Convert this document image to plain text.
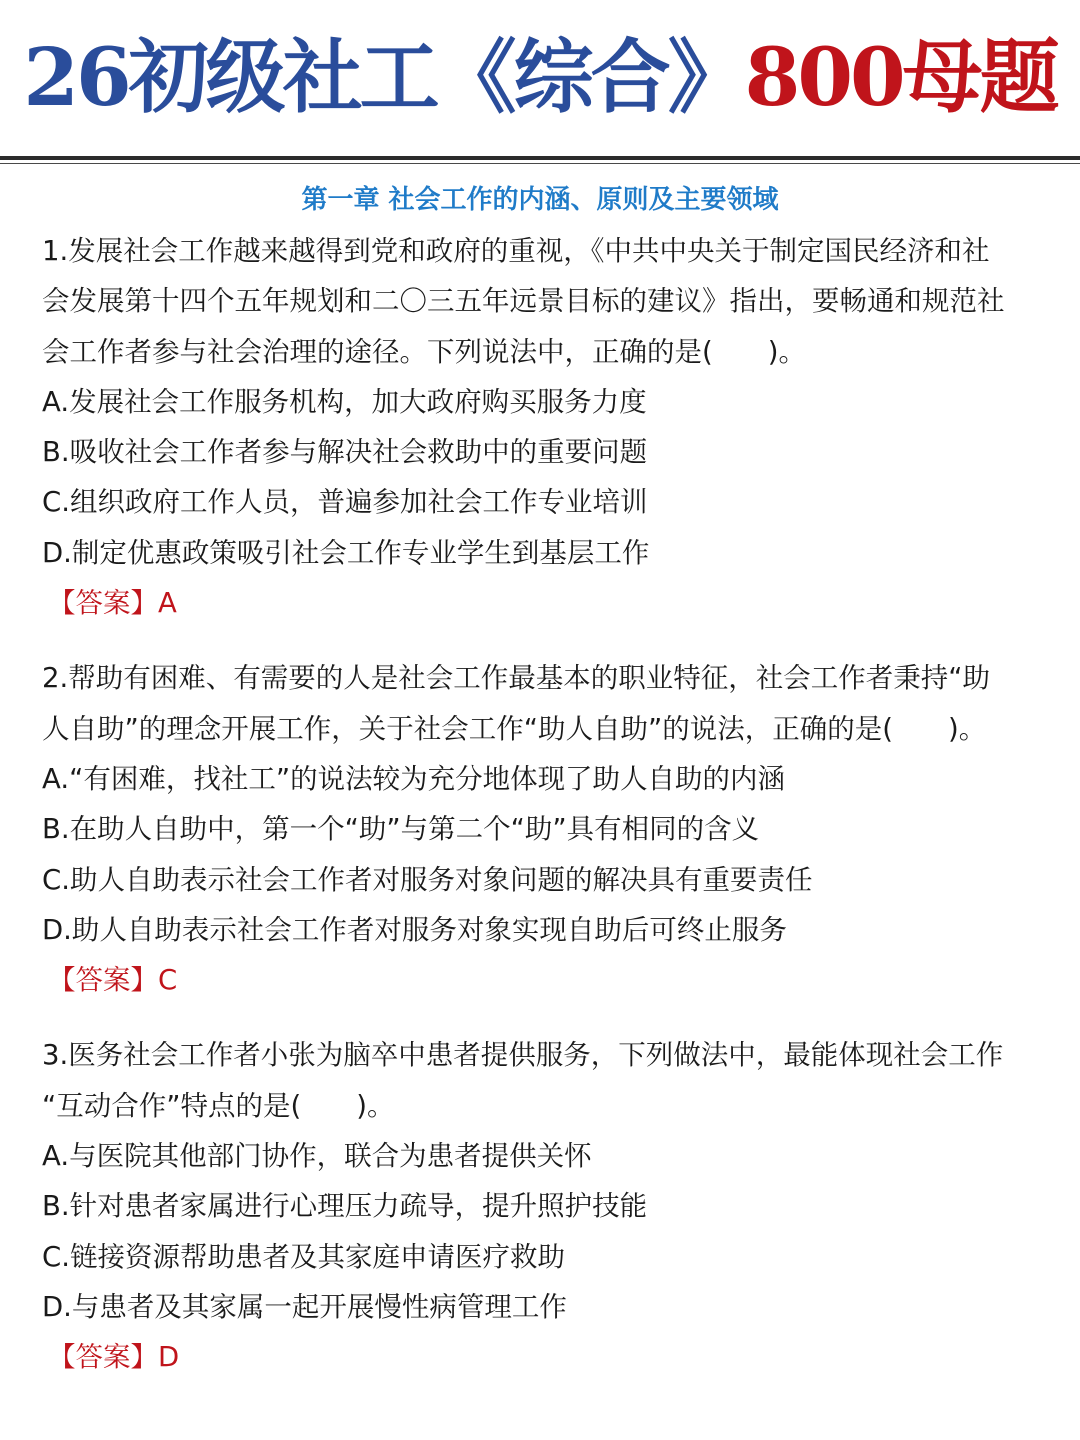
26初级社工《综合》800母题
第一章 社会工作的内涵、原则及主要领域
1.发展社会工作越来越得到党和政府的重视，《中共中央关于制定国民经济和社
会发展第十四个五年规划和二〇三五年远景目标的建议》指出，要畅通和规范社
会工作者参与社会治理的途径。下列说法中，正确的是(　　)。
A.发展社会工作服务机构，加大政府购买服务力度
B.吸收社会工作者参与解决社会救助中的重要问题
C.组织政府工作人员，普遍参加社会工作专业培训
D.制定优惠政策吸引社会工作专业学生到基层工作
【答案】A
2.帮助有困难、有需要的人是社会工作最基本的职业特征，社会工作者秉持“助
人自助”的理念开展工作，关于社会工作“助人自助”的说法，正确的是(　　)。
A.“有困难，找社工”的说法较为充分地体现了助人自助的内涵
B.在助人自助中，第一个“助”与第二个“助”具有相同的含义
C.助人自助表示社会工作者对服务对象问题的解决具有重要责任
D.助人自助表示社会工作者对服务对象实现自助后可终止服务
【答案】C
3.医务社会工作者小张为脑卒中患者提供服务，下列做法中，最能体现社会工作
“互动合作”特点的是(　　)。
A.与医院其他部门协作，联合为患者提供关怀
B.针对患者家属进行心理压力疏导，提升照护技能
C.链接资源帮助患者及其家庭申请医疗救助
D.与患者及其家属一起开展慢性病管理工作
【答案】D
